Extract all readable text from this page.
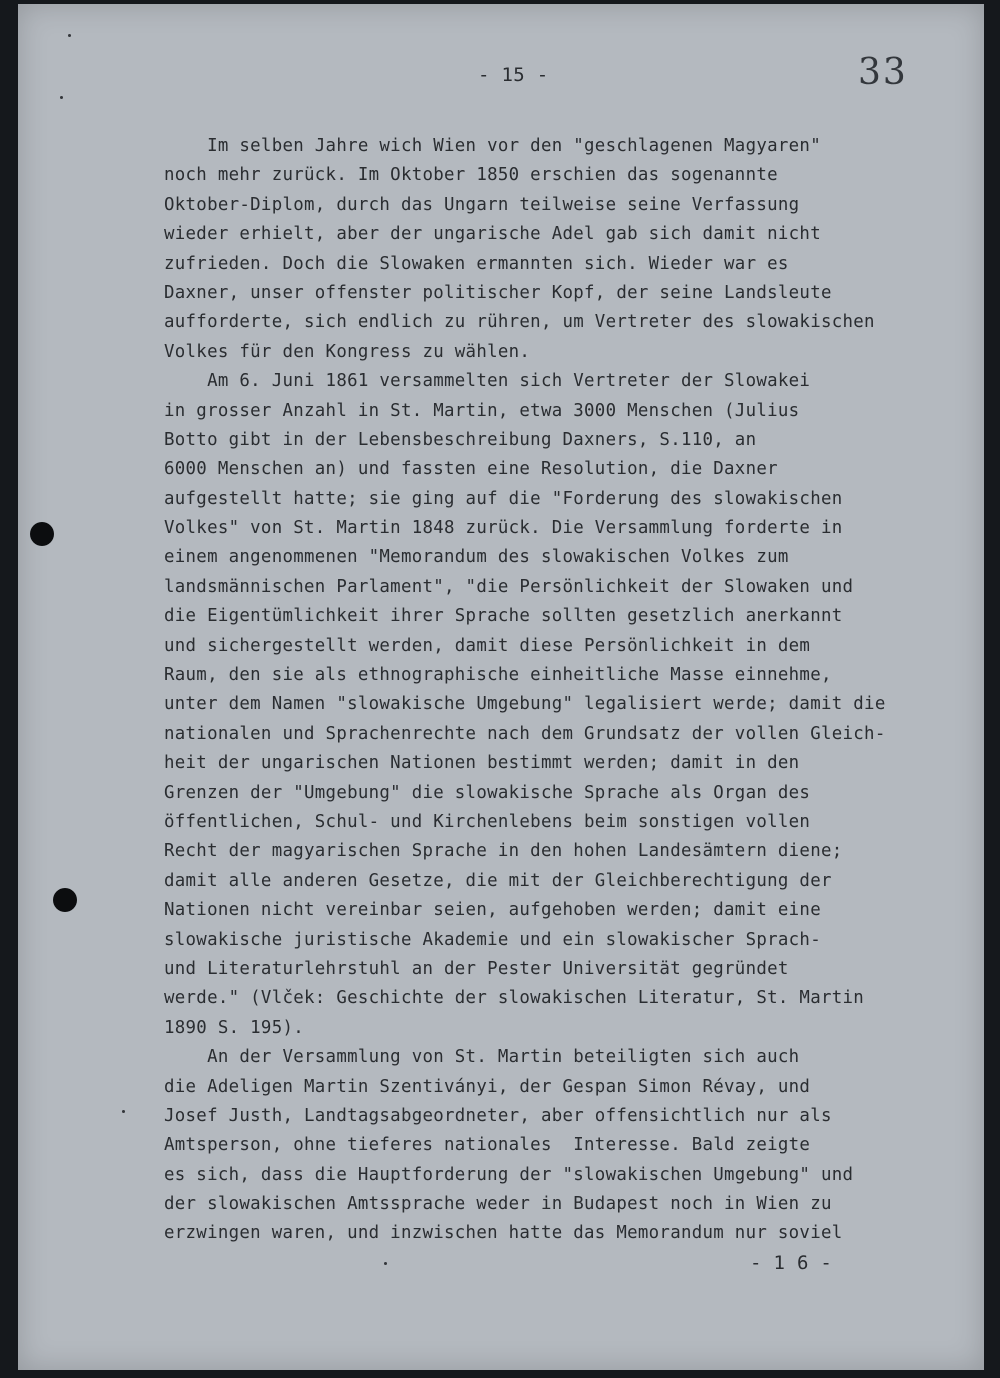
- 15 -	33
Im selben Jahre wich Wien vor den "geschlagenen Magyaren"
noch mehr zurück. Im Oktober 1850 erschien das sogenannte
Oktober-Diplom, durch das Ungarn teilweise seine Verfassung
wieder erhielt, aber der ungarische Adel gab sich damit nicht
zufrieden. Doch die Slowaken ermannten sich. Wieder war es
Daxner, unser offenster politischer Kopf, der seine Landsleute
aufforderte, sich endlich zu rühren, um Vertreter des slowakischen
Volkes für den Kongress zu wählen.
Am 6. Juni 1861 versammelten sich Vertreter der Slowakei
in grosser Anzahl in St. Martin, etwa 3000 Menschen (Julius
Botto gibt in der Lebensbeschreibung Daxners, S.110, an
6000 Menschen an) und fassten eine Resolution, die Daxner
aufgestellt hatte; sie ging auf die "Forderung des slowakischen
Volkes" von St. Martin 1848 zurück. Die Versammlung forderte in
einem angenommenen "Memorandum des slowakischen Volkes zum
landsmännischen Parlament", "die Persönlichkeit der Slowaken und
die Eigentümlichkeit ihrer Sprache sollten gesetzlich anerkannt
und sichergestellt werden, damit diese Persönlichkeit in dem
Raum, den sie als ethnographische einheitliche Masse einnehme,
unter dem Namen "slowakische Umgebung" legalisiert werde; damit die
nationalen und Sprachenrechte nach dem Grundsatz der vollen Gleich-
heit der ungarischen Nationen bestimmt werden; damit in den
Grenzen der "Umgebung" die slowakische Sprache als Organ des
öffentlichen, Schul- und Kirchenlebens beim sonstigen vollen
Recht der magyarischen Sprache in den hohen Landesämtern diene;
damit alle anderen Gesetze, die mit der Gleichberechtigung der
Nationen nicht vereinbar seien, aufgehoben werden; damit eine
slowakische juristische Akademie und ein slowakischer Sprach-
und Literaturlehrstuhl an der Pester Universität gegründet
werde." (Vlček: Geschichte der slowakischen Literatur, St. Martin
1890 S. 195).
An der Versammlung von St. Martin beteiligten sich auch
die Adeligen Martin Szentiványi, der Gespan Simon Révay, und
Josef Justh, Landtagsabgeordneter, aber offensichtlich nur als
Amtsperson, ohne tieferes nationales  Interesse. Bald zeigte
es sich, dass die Hauptforderung der "slowakischen Umgebung" und
der slowakischen Amtssprache weder in Budapest noch in Wien zu
erzwingen waren, und inzwischen hatte das Memorandum nur soviel
- 1 6 -
